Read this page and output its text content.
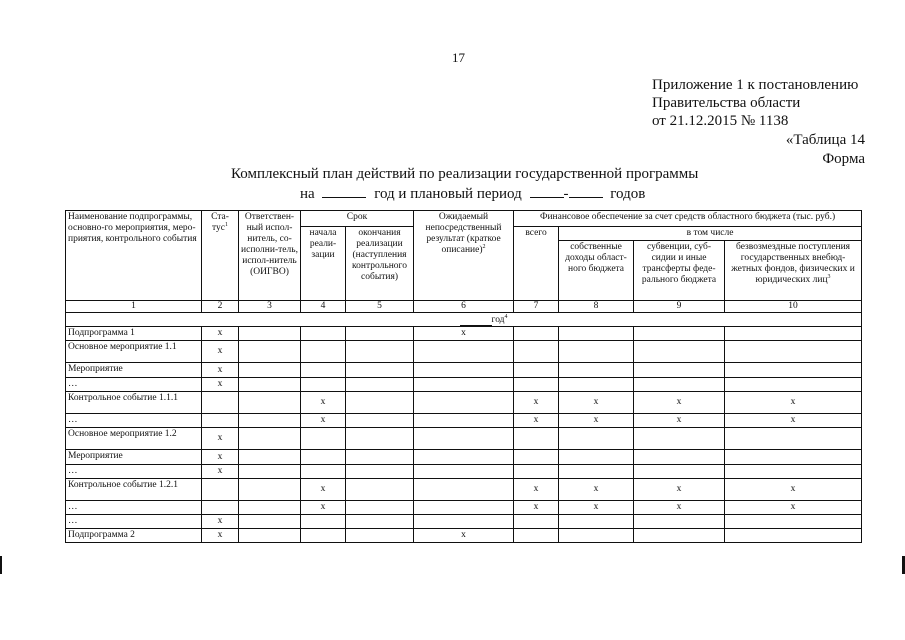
17
Приложение 1 к постановлению
Правительства области
от 21.12.2015 № 1138
«Таблица 14
Форма
Комплексный план действий по реализации государственной программы
на	год и плановый период	-	годов
Наименование подпрограммы, основно-го мероприятия, меро-приятия, контрольного события	Ста-тус$^1$	Ответствен-ный испол-нитель, со-исполни-тель, испол-нитель (ОИГВО)	Срок		Ожидаемый непосредственный результат (краткое описание)$^2$	Финансовое обеспечение за счет средств областного бюджета (тыс. руб.)			
			начала реали-зации	окончания реализации (наступления контрольного события)		всего	в том числе		
							собственные доходы област-ного бюджета	субвенции, суб-сидии и иные трансферты феде-рального бюджета	безвозмездные поступления государственных внебюд-жетных фондов, физических и юридических лиц$^3$
1	2	3	4	5	6	7	8	9	10
год$^4$
Подпрограмма 1	x				x				
Основное мероприятие 1.1	x								
Мероприятие	x								
…	x								
Контрольное событие 1.1.1			x			x	x	x	x
…			x			x	x	x	x
Основное мероприятие 1.2	x								
Мероприятие	x								
…	x								
Контрольное событие 1.2.1			x			x	x	x	x
…			x			x	x	x	x
…	x								
Подпрограмма 2	x				x				
